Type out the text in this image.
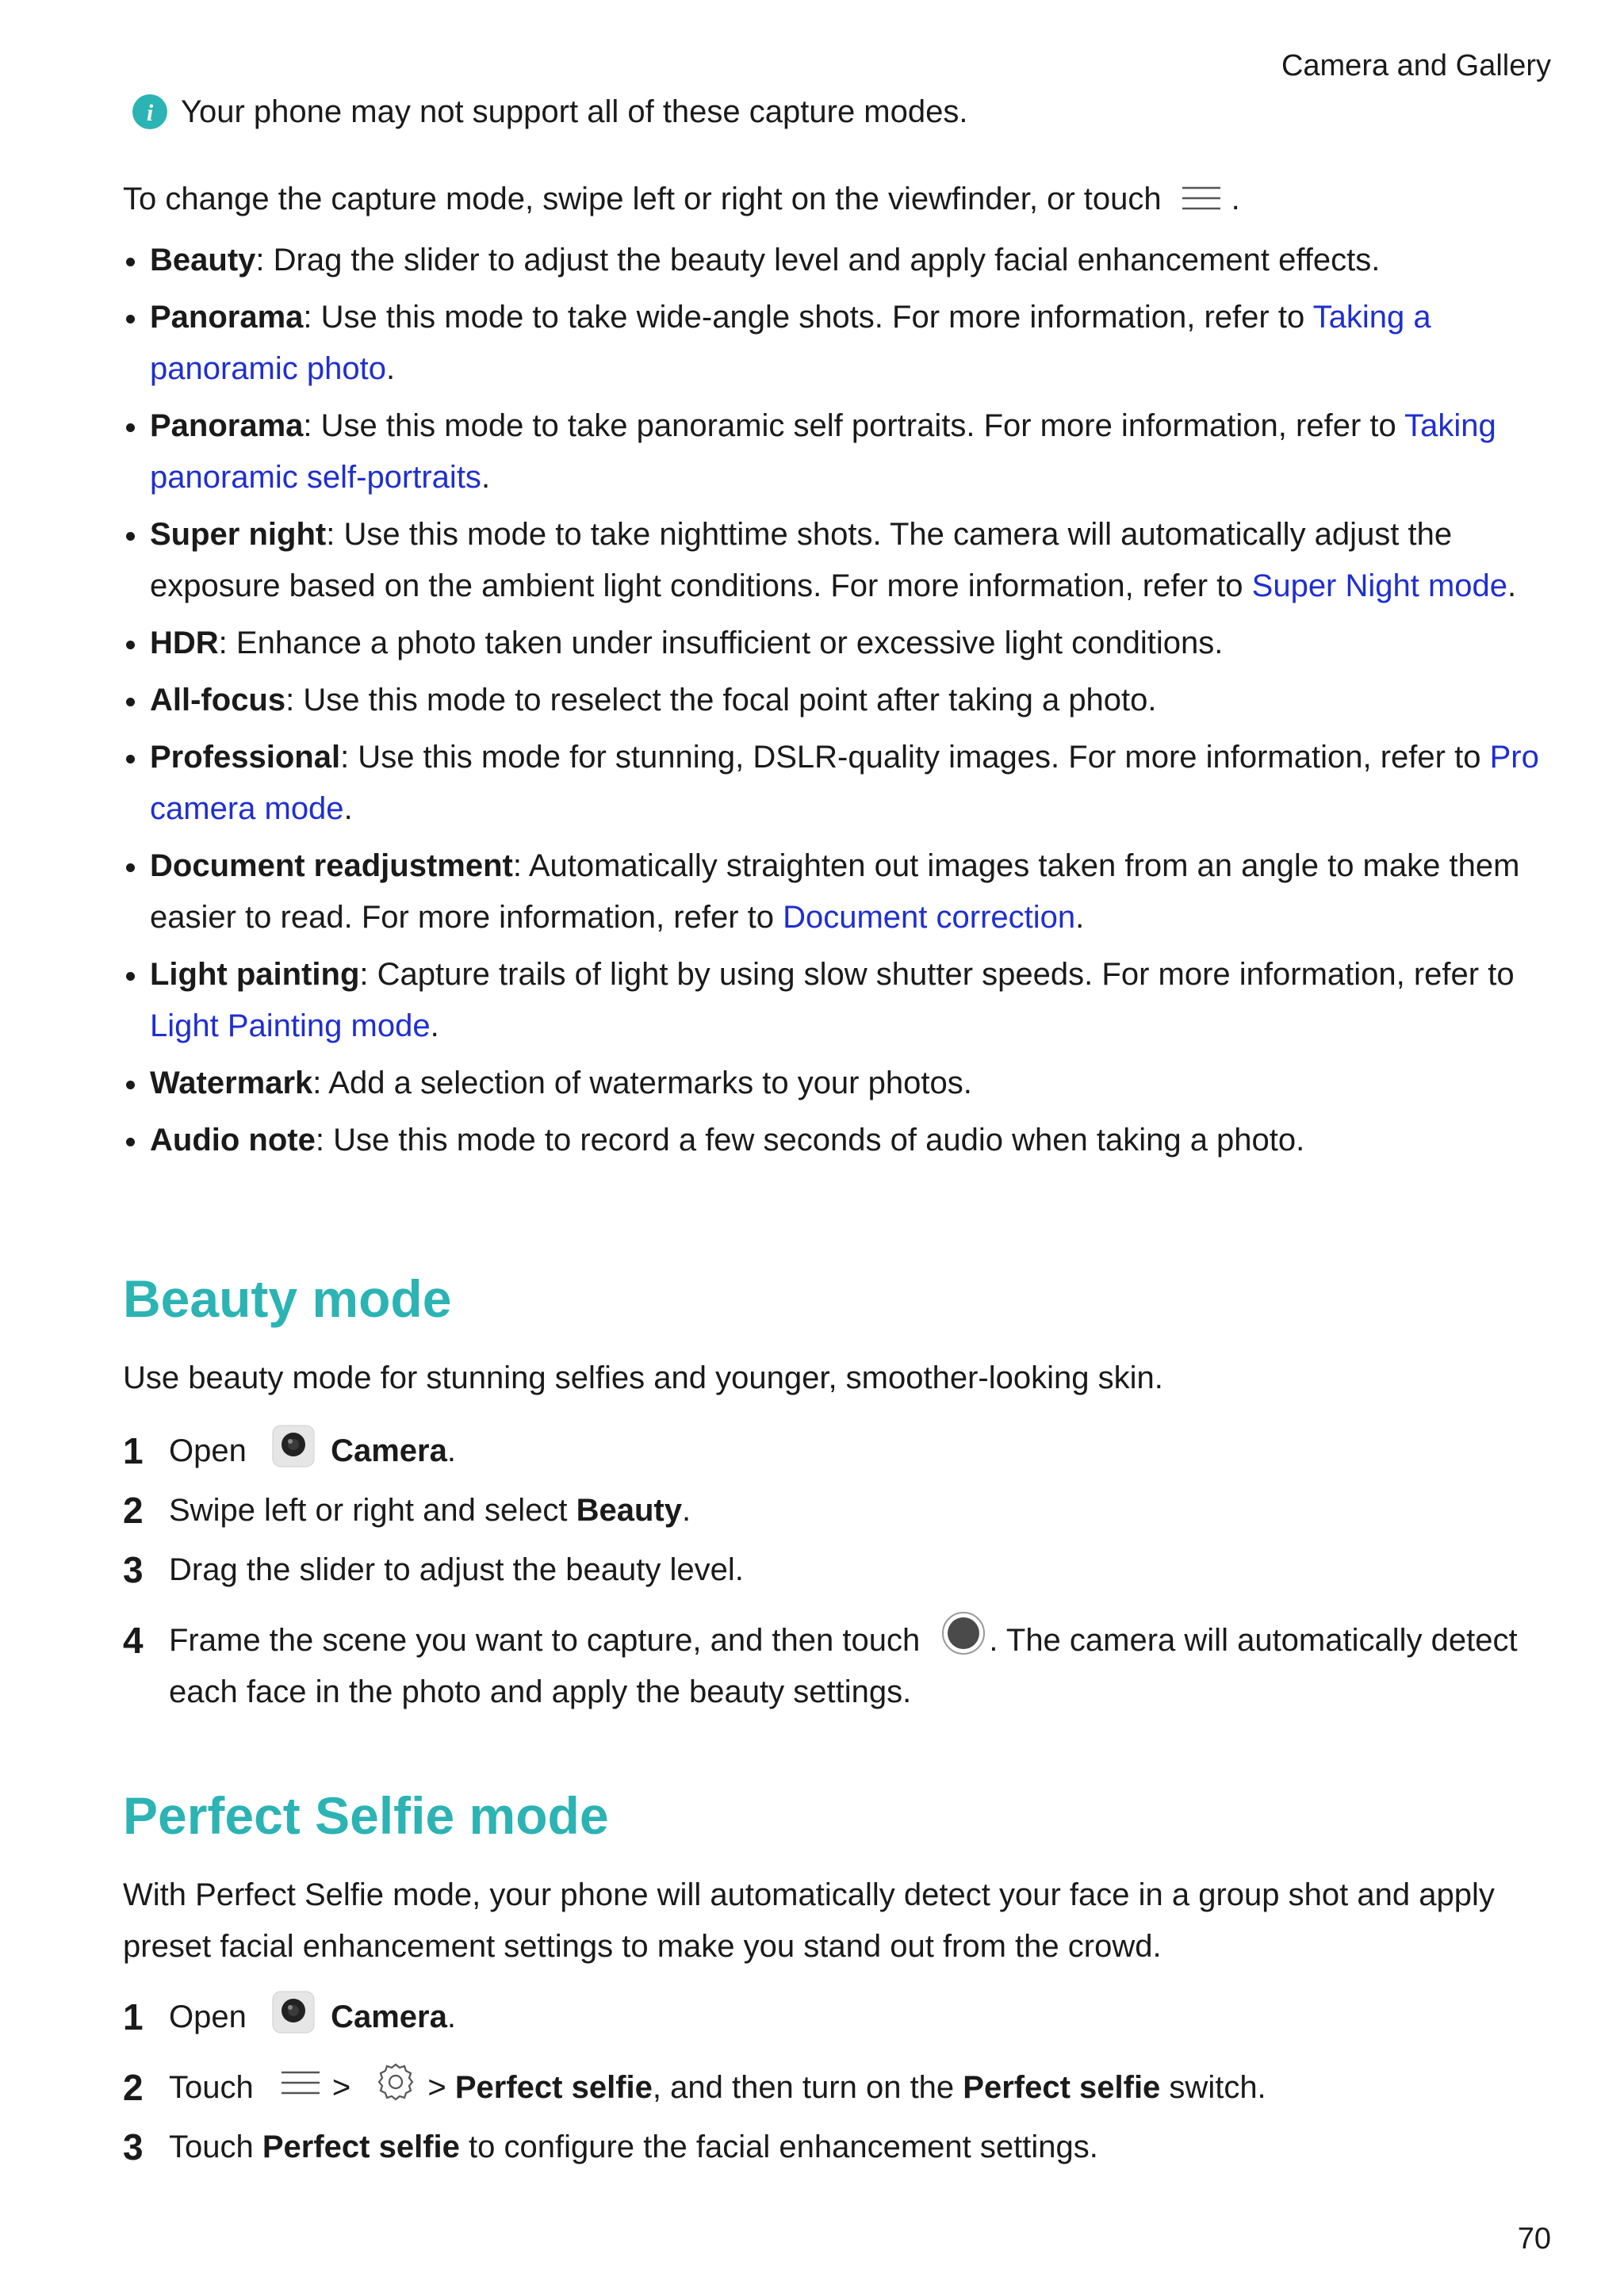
Camera and Gallery
i Your phone may not support all of these capture modes.
To change the capture mode, swipe left or right on the viewfinder, or touch .
Beauty: Drag the slider to adjust the beauty level and apply facial enhancement effects.
Panorama: Use this mode to take wide-angle shots. For more information, refer to Taking a panoramic photo.
Panorama: Use this mode to take panoramic self portraits. For more information, refer to Taking panoramic self-portraits.
Super night: Use this mode to take nighttime shots. The camera will automatically adjust the exposure based on the ambient light conditions. For more information, refer to Super Night mode.
HDR: Enhance a photo taken under insufficient or excessive light conditions.
All-focus: Use this mode to reselect the focal point after taking a photo.
Professional: Use this mode for stunning, DSLR-quality images. For more information, refer to Pro camera mode.
Document readjustment: Automatically straighten out images taken from an angle to make them easier to read. For more information, refer to Document correction.
Light painting: Capture trails of light by using slow shutter speeds. For more information, refer to Light Painting mode.
Watermark: Add a selection of watermarks to your photos.
Audio note: Use this mode to record a few seconds of audio when taking a photo.
Beauty mode
Use beauty mode for stunning selfies and younger, smoother-looking skin.
1 Open	Camera.
2 Swipe left or right and select Beauty.
3 Drag the slider to adjust the beauty level.
4 Frame the scene you want to capture, and then touch . The camera will automatically detect each face in the photo and apply the beauty settings.
Perfect Selfie mode
With Perfect Selfie mode, your phone will automatically detect your face in a group shot and apply preset facial enhancement settings to make you stand out from the crowd.
1 Open	Camera.
2 Touch > > Perfect selfie, and then turn on the Perfect selfie switch.
3 Touch Perfect selfie to configure the facial enhancement settings.
70
